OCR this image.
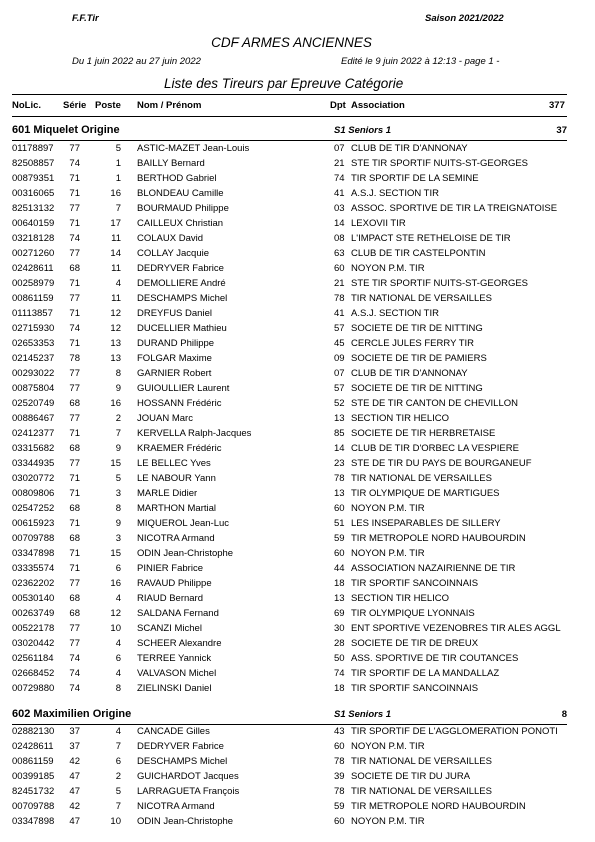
F.F.Tir	Saison 2021/2022
CDF ARMES ANCIENNES
Du 1 juin 2022 au 27 juin 2022	Edité le 9 juin 2022 à 12:13 - page 1 -
Liste des Tireurs par Epreuve Catégorie
NoLic. Série Poste Nom / Prénom	Dpt Association	377
601 Miquelet Origine	S1 Seniors 1	37
01178897	77	5 ASTIC-MAZET Jean-Louis	07 CLUB DE TIR D'ANNONAY
82508857	74	1 BAILLY Bernard	21 STE TIR SPORTIF NUITS-ST-GEORGES
00879351	71	1 BERTHOD Gabriel	74 TIR SPORTIF DE LA SEMINE
00316065	71	16 BLONDEAU Camille	41 A.S.J. SECTION TIR
82513132	77	7 BOURMAUD Philippe	03 ASSOC. SPORTIVE DE TIR LA TREIGNATOISE
00640159	71	17 CAILLEUX Christian	14 LEXOVII TIR
03218128	74	11 COLAUX David	08 L'IMPACT STE RETHELOISE DE TIR
00271260	77	14 COLLAY Jacquie	63 CLUB DE TIR CASTELPONTIN
02428611	68	11 DEDRYVER Fabrice	60 NOYON P.M. TIR
00258979	71	4 DEMOLLIERE André	21 STE TIR SPORTIF NUITS-ST-GEORGES
00861159	77	11 DESCHAMPS Michel	78 TIR NATIONAL DE VERSAILLES
01113857	71	12 DREYFUS Daniel	41 A.S.J. SECTION TIR
02715930	74	12 DUCELLIER Mathieu	57 SOCIETE DE TIR DE NITTING
02653353	71	13 DURAND Philippe	45 CERCLE JULES FERRY TIR
02145237	78	13 FOLGAR Maxime	09 SOCIETE DE TIR DE PAMIERS
00293022	77	8 GARNIER Robert	07 CLUB DE TIR D'ANNONAY
00875804	77	9 GUIOULLIER Laurent	57 SOCIETE DE TIR DE NITTING
02520749	68	16 HOSSANN Frédéric	52 STE DE TIR CANTON DE CHEVILLON
00886467	77	2 JOUAN Marc	13 SECTION TIR HELICO
02412377	71	7 KERVELLA Ralph-Jacques	85 SOCIETE DE TIR HERBRETAISE
03315682	68	9 KRAEMER Frédéric	14 CLUB DE TIR D'ORBEC LA VESPIERE
03344935	77	15 LE BELLEC Yves	23 STE DE TIR DU PAYS DE BOURGANEUF
03020772	71	5 LE NABOUR Yann	78 TIR NATIONAL DE VERSAILLES
00809806	71	3 MARLE Didier	13 TIR OLYMPIQUE DE MARTIGUES
02547252	68	8 MARTHON Martial	60 NOYON P.M. TIR
00615923	71	9 MIQUEROL Jean-Luc	51 LES INSEPARABLES DE SILLERY
00709788	68	3 NICOTRA Armand	59 TIR METROPOLE NORD HAUBOURDIN
03347898	71	15 ODIN Jean-Christophe	60 NOYON P.M. TIR
03335574	71	6 PINIER Fabrice	44 ASSOCIATION NAZAIRIENNE DE TIR
02362202	77	16 RAVAUD Philippe	18 TIR SPORTIF SANCOINNAIS
00530140	68	4 RIAUD Bernard	13 SECTION TIR HELICO
00263749	68	12 SALDANA Fernand	69 TIR OLYMPIQUE LYONNAIS
00522178	77	10 SCANZI Michel	30 ENT SPORTIVE VEZENOBRES TIR ALES AGGL
03020442	77	4 SCHEER Alexandre	28 SOCIETE DE TIR DE DREUX
02561184	74	6 TERREE Yannick	50 ASS. SPORTIVE DE TIR COUTANCES
02668452	74	4 VALVASON Michel	74 TIR SPORTIF DE LA MANDALLAZ
00729880	74	8 ZIELINSKI Daniel	18 TIR SPORTIF SANCOINNAIS
602 Maximilien Origine	S1 Seniors 1	8
02882130	37	4 CANCADE Gilles	43 TIR SPORTIF DE L'AGGLOMERATION PONOTI
02428611	37	7 DEDRYVER Fabrice	60 NOYON P.M. TIR
00861159	42	6 DESCHAMPS Michel	78 TIR NATIONAL DE VERSAILLES
00399185	47	2 GUICHARDOT Jacques	39 SOCIETE DE TIR DU JURA
82451732	47	5 LARRAGUETA François	78 TIR NATIONAL DE VERSAILLES
00709788	42	7 NICOTRA Armand	59 TIR METROPOLE NORD HAUBOURDIN
03347898	47	10 ODIN Jean-Christophe	60 NOYON P.M. TIR
